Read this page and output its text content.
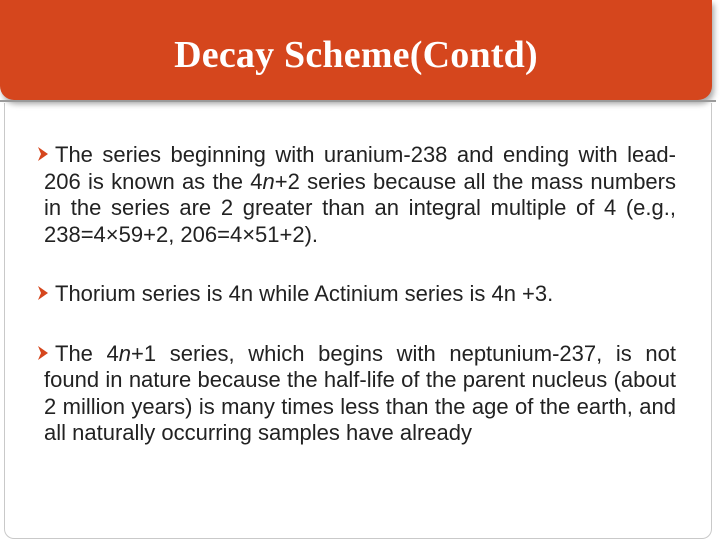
Decay Scheme(Contd)
The series beginning with uranium-238 and ending with lead-206 is known as the 4n+2 series because all the mass numbers in the series are 2 greater than an integral multiple of 4 (e.g., 238=4×59+2, 206=4×51+2).
Thorium series is 4n while Actinium series is 4n +3.
The 4n+1 series, which begins with neptunium-237, is not found in nature because the half-life of the parent nucleus (about 2 million years) is many times less than the age of the earth, and all naturally occurring samples have already
